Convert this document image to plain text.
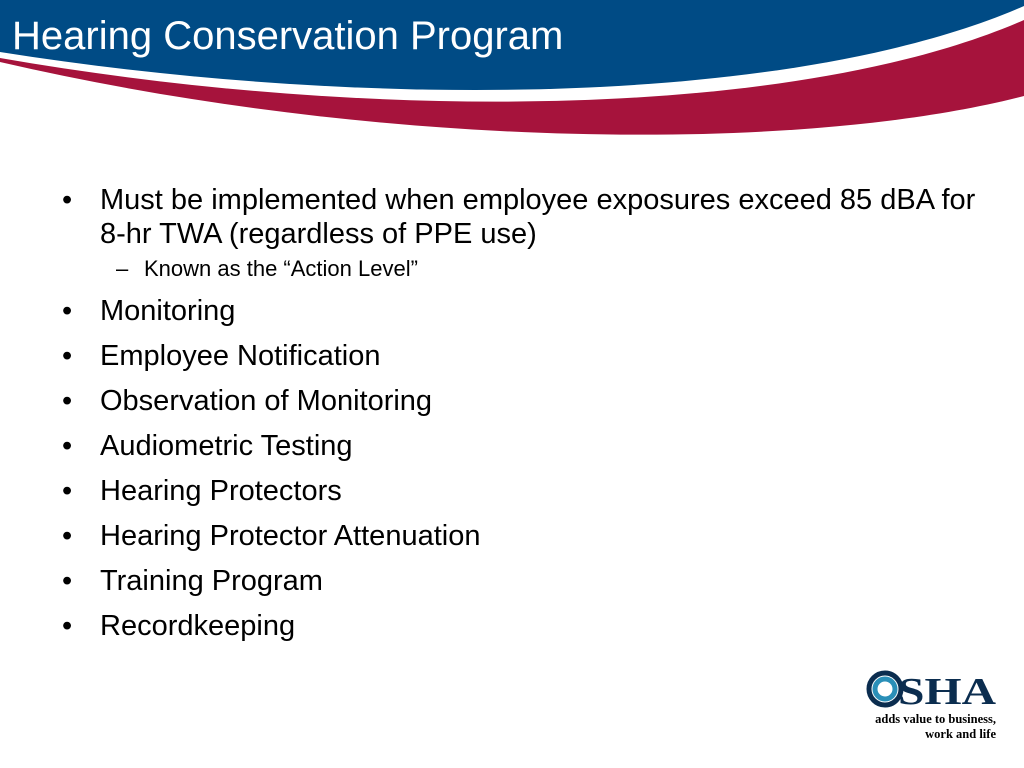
Hearing Conservation Program
• Must be implemented when employee exposures exceed 85 dBA for 8-hr TWA (regardless of PPE use)
– Known as the “Action Level”
• Monitoring
• Employee Notification
• Observation of Monitoring
• Audiometric Testing
• Hearing Protectors
• Hearing Protector Attenuation
• Training Program
• Recordkeeping
SHA
adds value to business,
work and life
